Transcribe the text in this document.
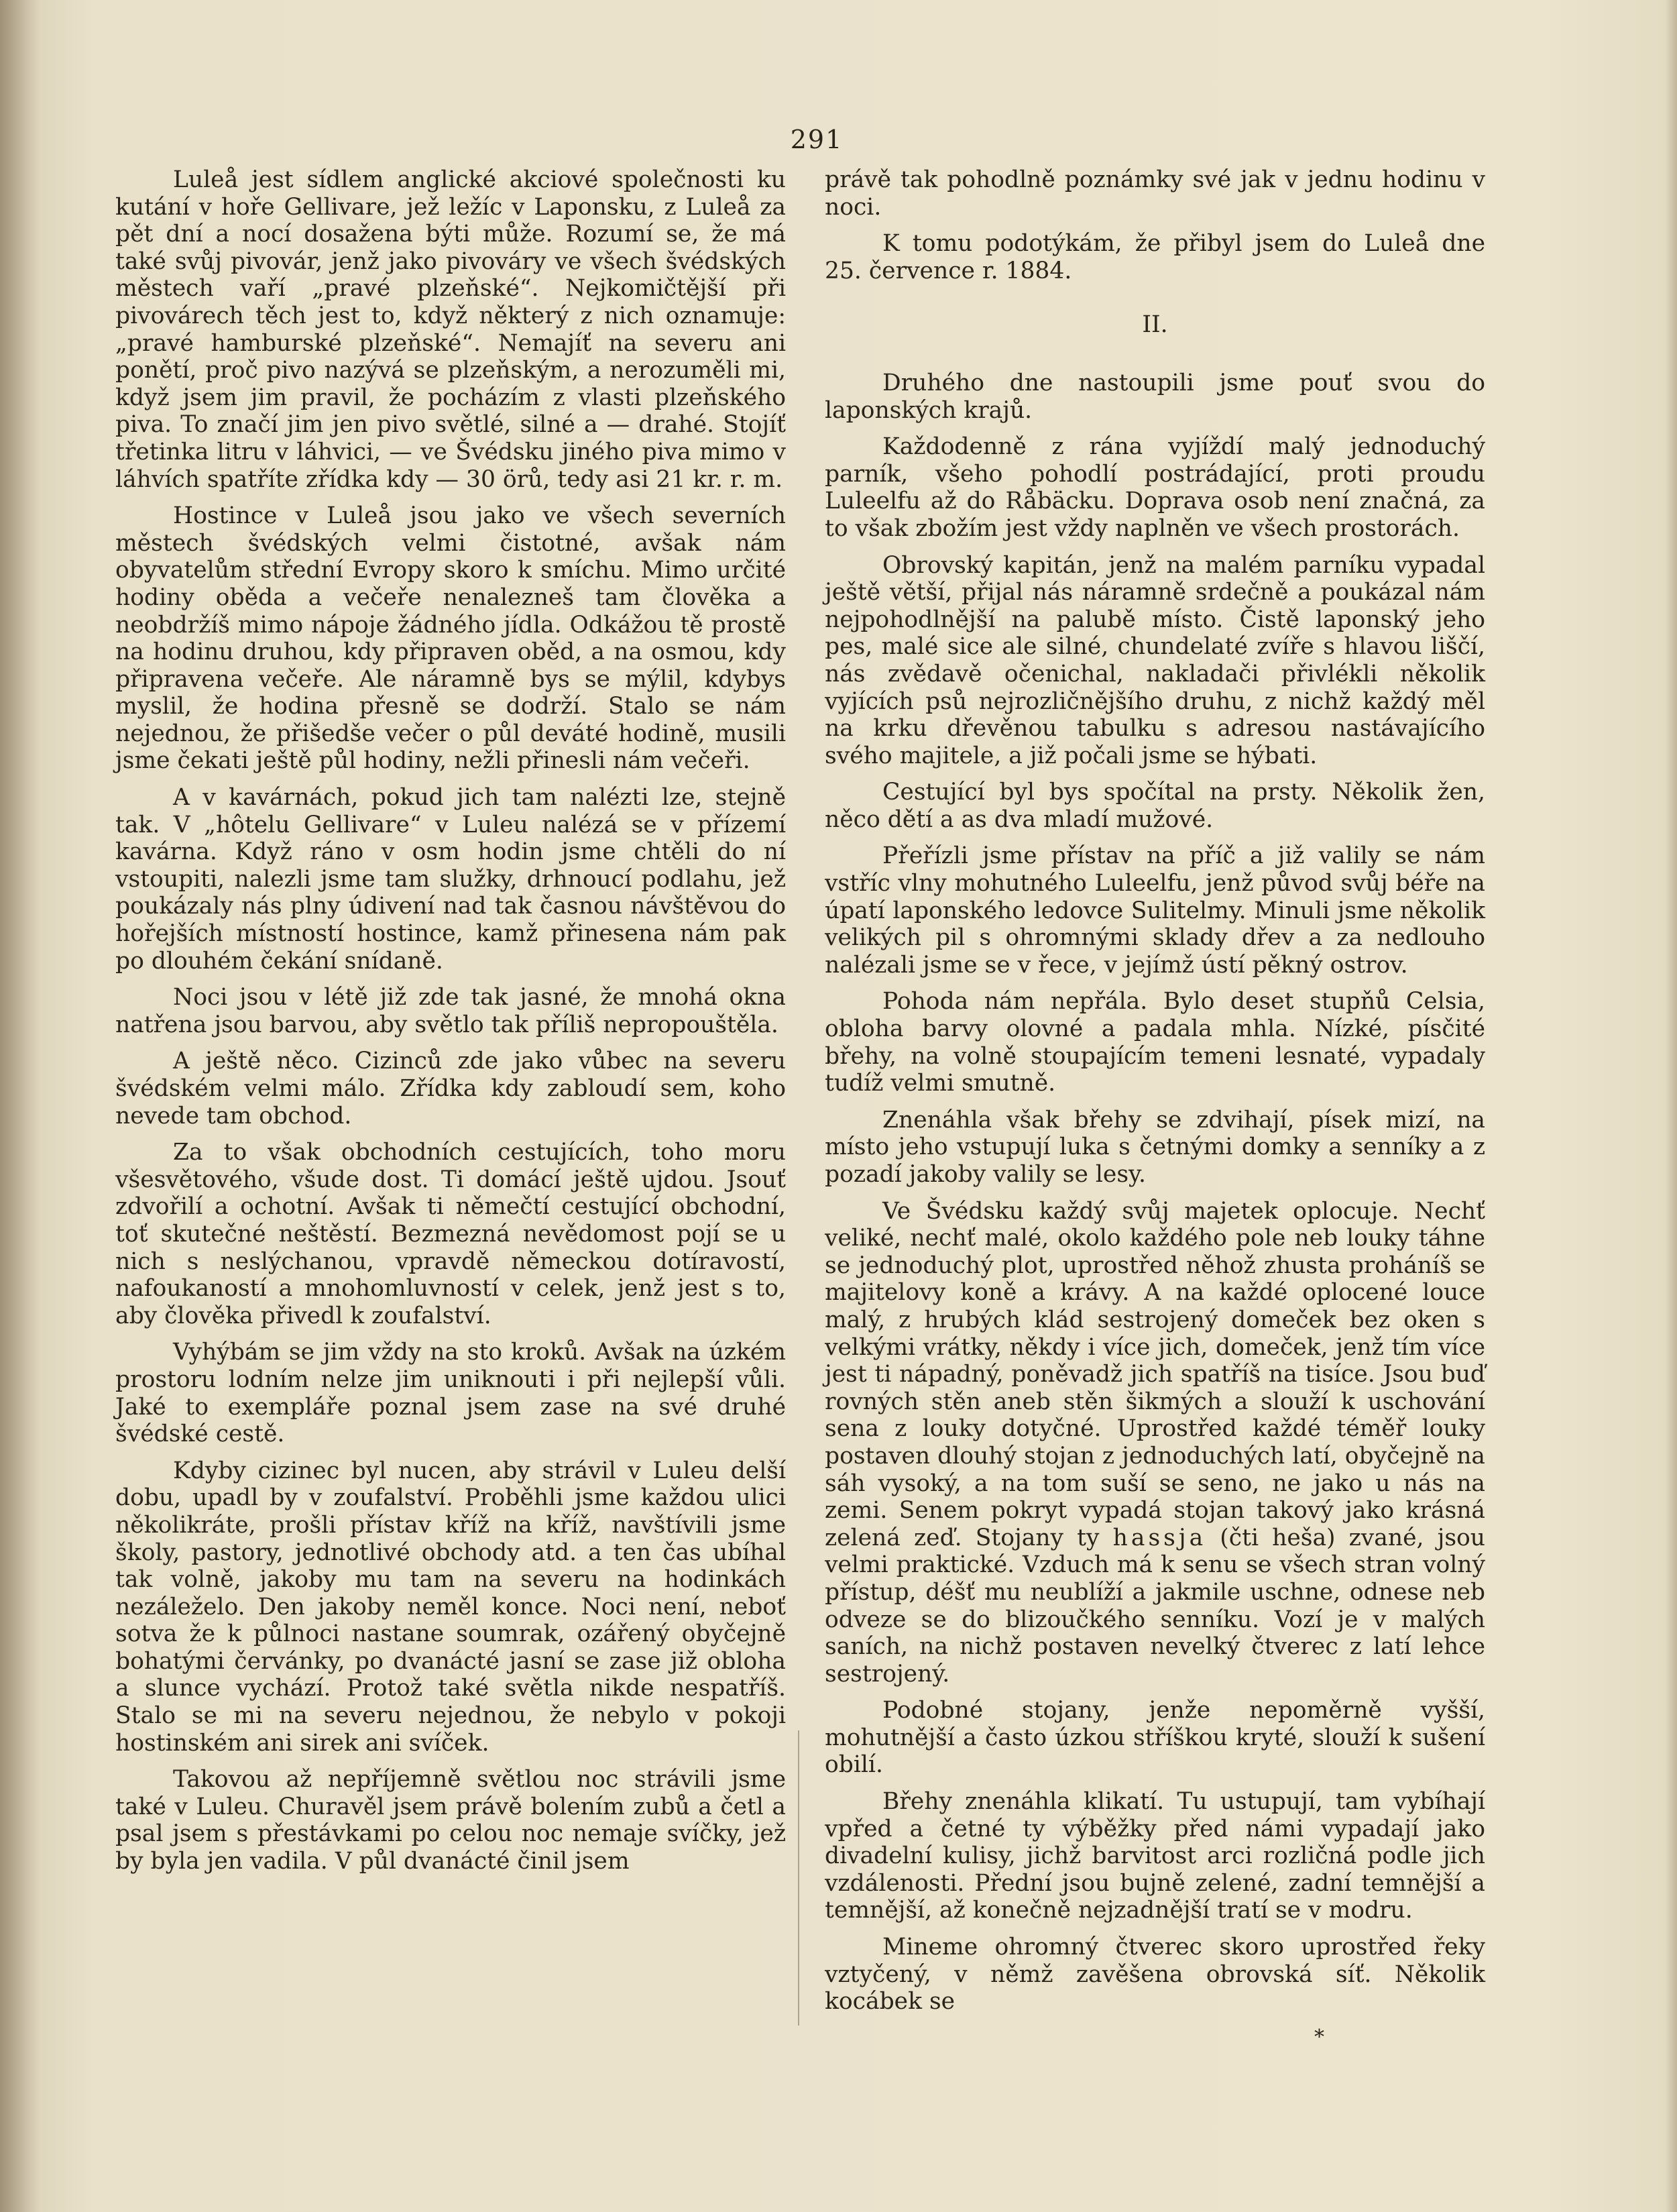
291

Luleå jest sídlem anglické akciové společnosti ku kutání v hoře Gellivare, jež ležíc v Laponsku, z Luleå za pět dní a nocí dosažena býti může. Rozumí se, že má také svůj pivovár, jenž jako pivováry ve všech švédských městech vaří „pravé plzeňské“. Nejkomičtější při pivovárech těch jest to, když některý z nich oznamuje: „pravé hamburské plzeňské“. Nemajíť na severu ani ponětí, proč pivo nazývá se plzeňským, a nerozuměli mi, když jsem jim pravil, že pocházím z vlasti plzeňského piva. To značí jim jen pivo světlé, silné a — drahé. Stojíť třetinka litru v láhvici, — ve Švédsku jiného piva mimo v láhvích spatříte zřídka kdy — 30 örů, tedy asi 21 kr. r. m.

Hostince v Luleå jsou jako ve všech severních městech švédských velmi čistotné, avšak nám obyvatelům střední Evropy skoro k smíchu. Mimo určité hodiny oběda a večeře nenalezneš tam člověka a neobdržíš mimo nápoje žádného jídla. Odkážou tě prostě na hodinu druhou, kdy připraven oběd, a na osmou, kdy připravena večeře. Ale náramně bys se mýlil, kdybys myslil, že hodina přesně se dodrží. Stalo se nám nejednou, že přišedše večer o půl deváté hodině, musili jsme čekati ještě půl hodiny, nežli přinesli nám večeři.

A v kavárnách, pokud jich tam nalézti lze, stejně tak. V „hôtelu Gellivare“ v Luleu nalézá se v přízemí kavárna. Když ráno v osm hodin jsme chtěli do ní vstoupiti, nalezli jsme tam služky, drhnoucí podlahu, jež poukázaly nás plny údivení nad tak časnou návštěvou do hořejších místností hostince, kamž přinesena nám pak po dlouhém čekání snídaně.

Noci jsou v létě již zde tak jasné, že mnohá okna natřena jsou barvou, aby světlo tak příliš nepropouštěla.

A ještě něco. Cizinců zde jako vůbec na severu švédském velmi málo. Zřídka kdy zabloudí sem, koho nevede tam obchod.

Za to však obchodních cestujících, toho moru všesvětového, všude dost. Ti domácí ještě ujdou. Jsouť zdvořilí a ochotní. Avšak ti němečtí cestující obchodní, toť skutečné neštěstí. Bezmezná nevědomost pojí se u nich s neslýchanou, vpravdě německou dotíravostí, nafoukaností a mnohomluvností v celek, jenž jest s to, aby člověka přivedl k zoufalství.

Vyhýbám se jim vždy na sto kroků. Avšak na úzkém prostoru lodním nelze jim uniknouti i při nejlepší vůli. Jaké to exempláře poznal jsem zase na své druhé švédské cestě.

Kdyby cizinec byl nucen, aby strávil v Luleu delší dobu, upadl by v zoufalství. Proběhli jsme každou ulici několikráte, prošli přístav kříž na kříž, navštívili jsme školy, pastory, jednotlivé obchody atd. a ten čas ubíhal tak volně, jakoby mu tam na severu na hodinkách nezáleželo. Den jakoby neměl konce. Noci není, neboť sotva že k půlnoci nastane soumrak, ozářený obyčejně bohatými červánky, po dvanácté jasní se zase již obloha a slunce vychází. Protož také světla nikde nespatříš. Stalo se mi na severu nejednou, že nebylo v pokoji hostinském ani sirek ani svíček.

Takovou až nepříjemně světlou noc strávili jsme také v Luleu. Churavěl jsem právě bolením zubů a četl a psal jsem s přestávkami po celou noc nemaje svíčky, jež by byla jen vadila. V půl dvanácté činil jsem

právě tak pohodlně poznámky své jak v jednu hodinu v noci.

K tomu podotýkám, že přibyl jsem do Luleå dne 25. července r. 1884.

II.

Druhého dne nastoupili jsme pouť svou do laponských krajů.

Každodenně z rána vyjíždí malý jednoduchý parník, všeho pohodlí postrádající, proti proudu Luleelfu až do Råbäcku. Doprava osob není značná, za to však zbožím jest vždy naplněn ve všech prostorách.

Obrovský kapitán, jenž na malém parníku vypadal ještě větší, přijal nás náramně srdečně a poukázal nám nejpohodlnější na palubě místo. Čistě laponský jeho pes, malé sice ale silné, chundelaté zvíře s hlavou liščí, nás zvědavě očenichal, nakladači přivlékli několik vyjících psů nejrozličnějšího druhu, z nichž každý měl na krku dřevěnou tabulku s adresou nastávajícího svého majitele, a již počali jsme se hýbati.

Cestující byl bys spočítal na prsty. Několik žen, něco dětí a as dva mladí mužové.

Přeřízli jsme přístav na příč a již valily se nám vstříc vlny mohutného Luleelfu, jenž původ svůj béře na úpatí laponského ledovce Sulitelmy. Minuli jsme několik velikých pil s ohromnými sklady dřev a za nedlouho nalézali jsme se v řece, v jejímž ústí pěkný ostrov.

Pohoda nám nepřála. Bylo deset stupňů Celsia, obloha barvy olovné a padala mhla. Nízké, písčité břehy, na volně stoupajícím temeni lesnaté, vypadaly tudíž velmi smutně.

Znenáhla však břehy se zdvihají, písek mizí, na místo jeho vstupují luka s četnými domky a senníky a z pozadí jakoby valily se lesy.

Ve Švédsku každý svůj majetek oplocuje. Nechť veliké, nechť malé, okolo každého pole neb louky táhne se jednoduchý plot, uprostřed něhož zhusta proháníš se majitelovy koně a krávy. A na každé oplocené louce malý, z hrubých klád sestrojený domeček bez oken s velkými vrátky, někdy i více jich, domeček, jenž tím více jest ti nápadný, poněvadž jich spatříš na tisíce. Jsou buď rovných stěn aneb stěn šikmých a slouží k uschování sena z louky dotyčné. Uprostřed každé téměř louky postaven dlouhý stojan z jednoduchých latí, obyčejně na sáh vysoký, a na tom suší se seno, ne jako u nás na zemi. Senem pokryt vypadá stojan takový jako krásná zelená zeď. Stojany ty hassja (čti heša) zvané, jsou velmi praktické. Vzduch má k senu se všech stran volný přístup, déšť mu neublíží a jakmile uschne, odnese neb odveze se do blizoučkého senníku. Vozí je v malých saních, na nichž postaven nevelký čtverec z latí lehce sestrojený.

Podobné stojany, jenže nepoměrně vyšší, mohutnější a často úzkou stříškou kryté, slouží k sušení obilí.

Břehy znenáhla klikatí. Tu ustupují, tam vybíhají vpřed a četné ty výběžky před námi vypadají jako divadelní kulisy, jichž barvitost arci rozličná podle jich vzdálenosti. Přední jsou bujně zelené, zadní temnější a temnější, až konečně nejzadnější tratí se v modru.

Mineme ohromný čtverec skoro uprostřed řeky vztyčený, v němž zavěšena obrovská síť. Několik kocábek se

*
